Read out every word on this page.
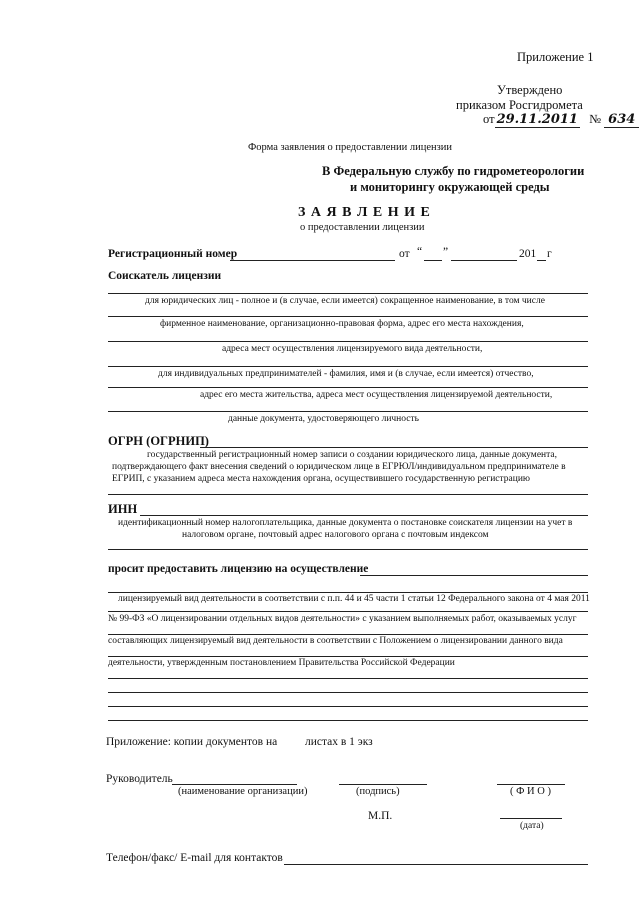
Приложение 1
Утверждено
приказом Росгидромета
от 29.11.2011 № 634
Форма заявления о предоставлении лицензии
В Федеральную службу по гидрометеорологии
и мониторингу окружающей среды
З А Я В Л Е Н И Е
о предоставлении лицензии
Регистрационный номер	от “ ”	201 г
Соискатель лицензии
для юридических лиц - полное и (в случае, если имеется) сокращенное наименование, в том числе
фирменное наименование, организационно-правовая форма, адрес его места нахождения,
адреса мест осуществления лицензируемого вида деятельности,
для индивидуальных предпринимателей - фамилия, имя и (в случае, если имеется) отчество,
адрес его места жительства, адреса мест осуществления лицензируемой деятельности,
данные документа, удостоверяющего личность
ОГРН (ОГРНИП)
государственный регистрационный номер записи о создании юридического лица, данные документа,
подтверждающего факт внесения сведений о юридическом лице в ЕГРЮЛ/индивидуальном предпринимателе в
ЕГРИП, с указанием адреса места нахождения органа, осуществившего государственную регистрацию
ИНН
идентификационный номер налогоплательщика, данные документа о постановке соискателя лицензии на учет в
налоговом органе, почтовый адрес налогового органа с почтовым индексом
просит предоставить лицензию на осуществление
лицензируемый вид деятельности в соответствии с п.п. 44 и 45 части 1 статьи 12 Федерального закона от 4 мая 2011
№ 99-ФЗ «О лицензировании отдельных видов деятельности» с указанием выполняемых работ, оказываемых услуг
составляющих лицензируемый вид деятельности в соответствии с Положением о лицензировании данного вида
деятельности, утвержденным постановлением Правительства Российской Федерации
Приложение: копии документов на листах в 1 экз
Руководитель
(наименование организации)	(подпись)	( Ф И О )
М.П.
(дата)
Телефон/факс/ E-mail для контактов
